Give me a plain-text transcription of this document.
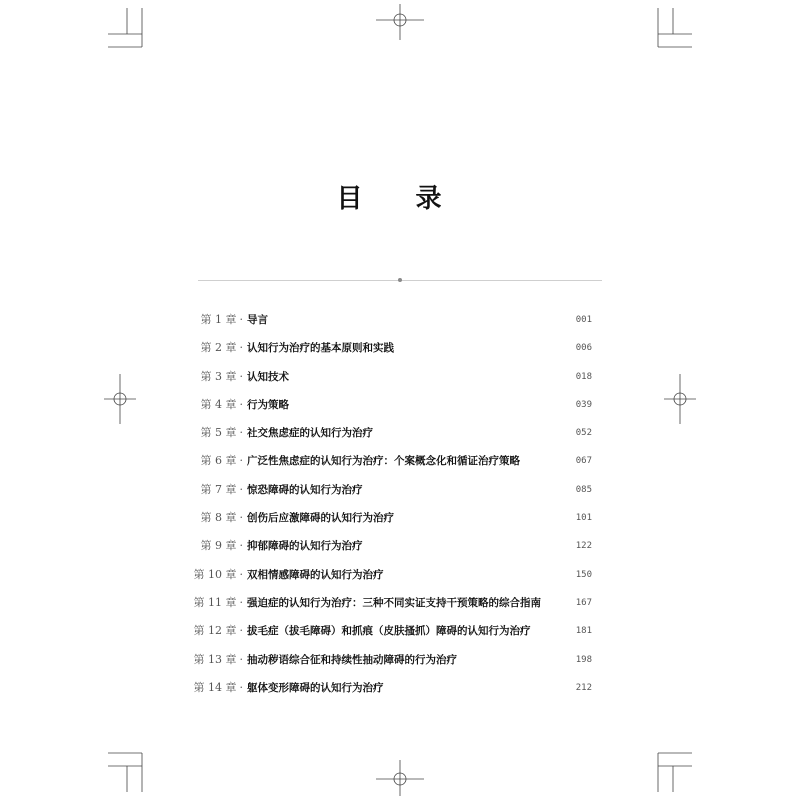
目 录
第 1 章 · 导言	001
第 2 章 · 认知行为治疗的基本原则和实践	006
第 3 章 · 认知技术	018
第 4 章 · 行为策略	039
第 5 章 · 社交焦虑症的认知行为治疗	052
第 6 章 · 广泛性焦虑症的认知行为治疗：个案概念化和循证治疗策略	067
第 7 章 · 惊恐障碍的认知行为治疗	085
第 8 章 · 创伤后应激障碍的认知行为治疗	101
第 9 章 · 抑郁障碍的认知行为治疗	122
第 10 章 · 双相情感障碍的认知行为治疗	150
第 11 章 · 强迫症的认知行为治疗：三种不同实证支持干预策略的综合指南	167
第 12 章 · 拔毛症（拔毛障碍）和抓痕（皮肤搔抓）障碍的认知行为治疗	181
第 13 章 · 抽动秽语综合征和持续性抽动障碍的行为治疗	198
第 14 章 · 躯体变形障碍的认知行为治疗	212
